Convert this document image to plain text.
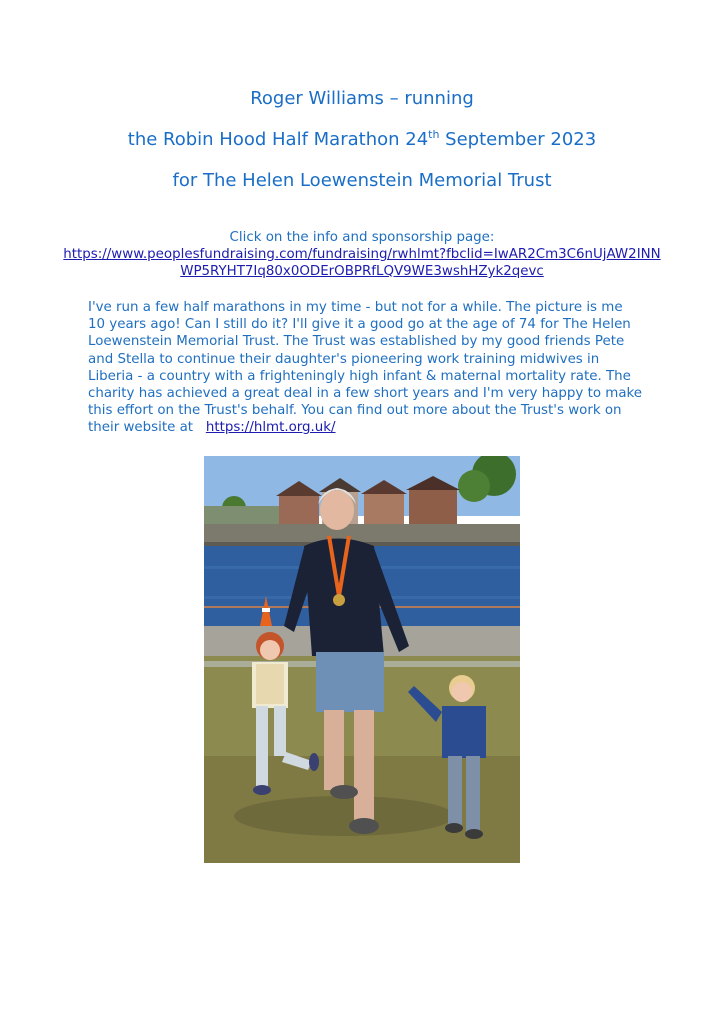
Roger Williams – running
the Robin Hood Half Marathon 24th September 2023
for The Helen Loewenstein Memorial Trust
Click on the info and sponsorship page:
https://www.peoplesfundraising.com/fundraising/rwhlmt?fbclid=IwAR2Cm3C6nUjAW2INNWP5RYHT7Iq80x0ODErOBPRfLQV9WE3wshHZyk2qevc

I've run a few half marathons in my time - but not for a while. The picture is me 10 years ago! Can I still do it? I'll give it a good go at the age of 74 for The Helen Loewenstein Memorial Trust. The Trust was established by my good friends Pete and Stella to continue their daughter's pioneering work training midwives in Liberia - a country with a frighteningly high infant & maternal mortality rate. The charity has achieved a great deal in a few short years and I'm very happy to make this effort on the Trust's behalf. You can find out more about the Trust's work on their website at https://hlmt.org.uk/
